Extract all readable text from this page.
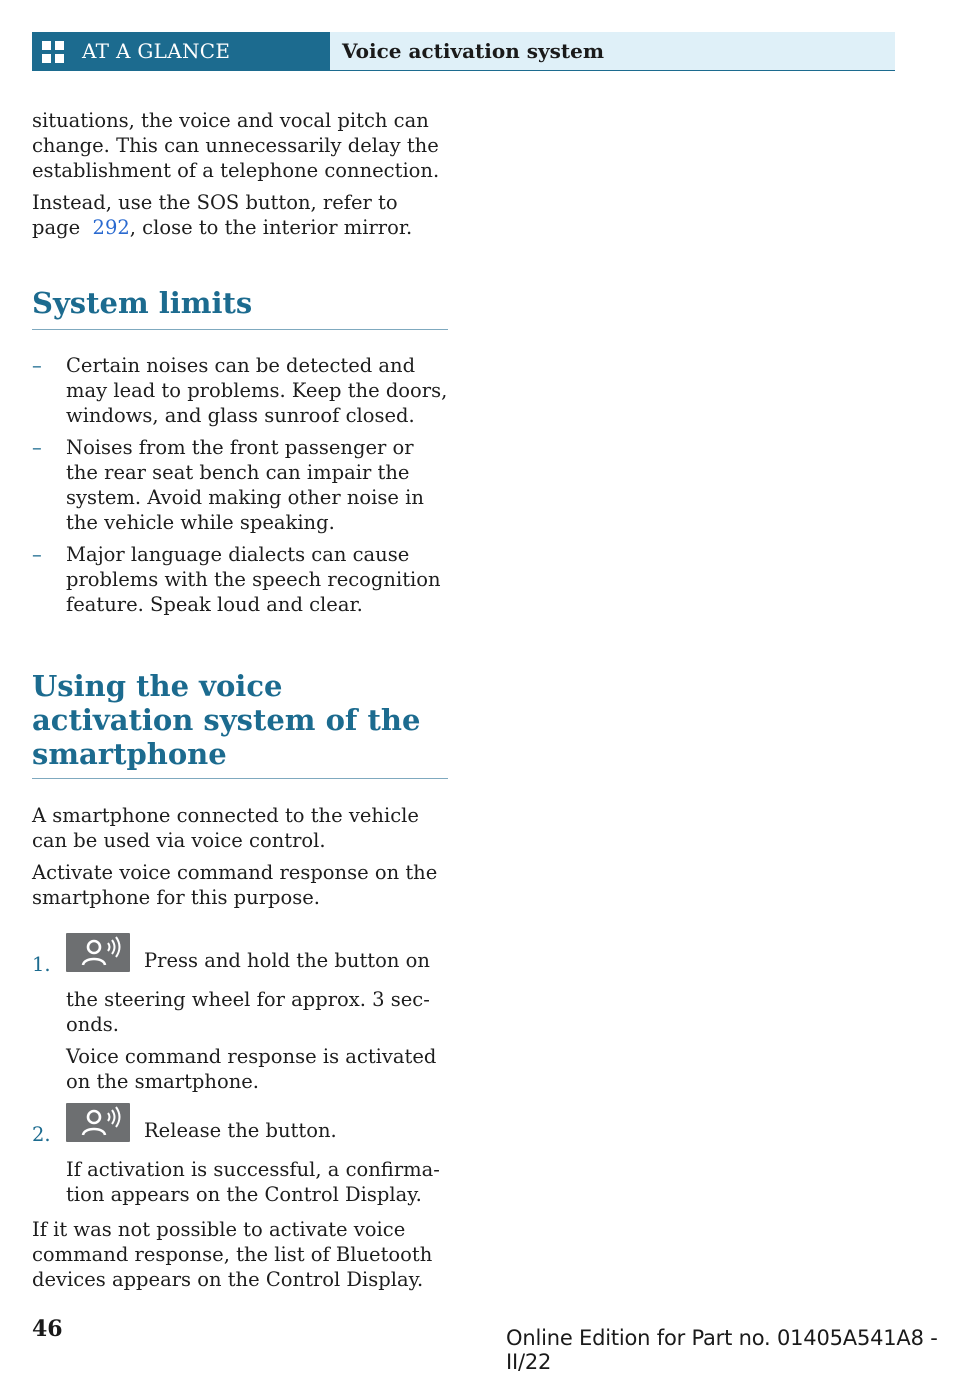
AT A GLANCE	Voice activation system

situations, the voice and vocal pitch can change. This can unnecessarily delay the establishment of a telephone connection.

Instead, use the SOS button, refer to page 292, close to the interior mirror.

System limits
– Certain noises can be detected and may lead to problems. Keep the doors, windows, and glass sunroof closed.
– Noises from the front passenger or the rear seat bench can impair the system. Avoid making other noise in the vehicle while speaking.
– Major language dialects can cause problems with the speech recognition feature. Speak loud and clear.
Using the voice activation system of the smartphone

A smartphone connected to the vehicle can be used via voice control.

Activate voice command response on the smartphone for this purpose.

1.	Press and hold the button on
the steering wheel for approx. 3 seconds.
Voice command response is activated on the smartphone.
2.	Release the button.
If activation is successful, a confirmation appears on the Control Display.

If it was not possible to activate voice command response, the list of Bluetooth devices appears on the Control Display.

46	Online Edition for Part no. 01405A541A8 - II/22
